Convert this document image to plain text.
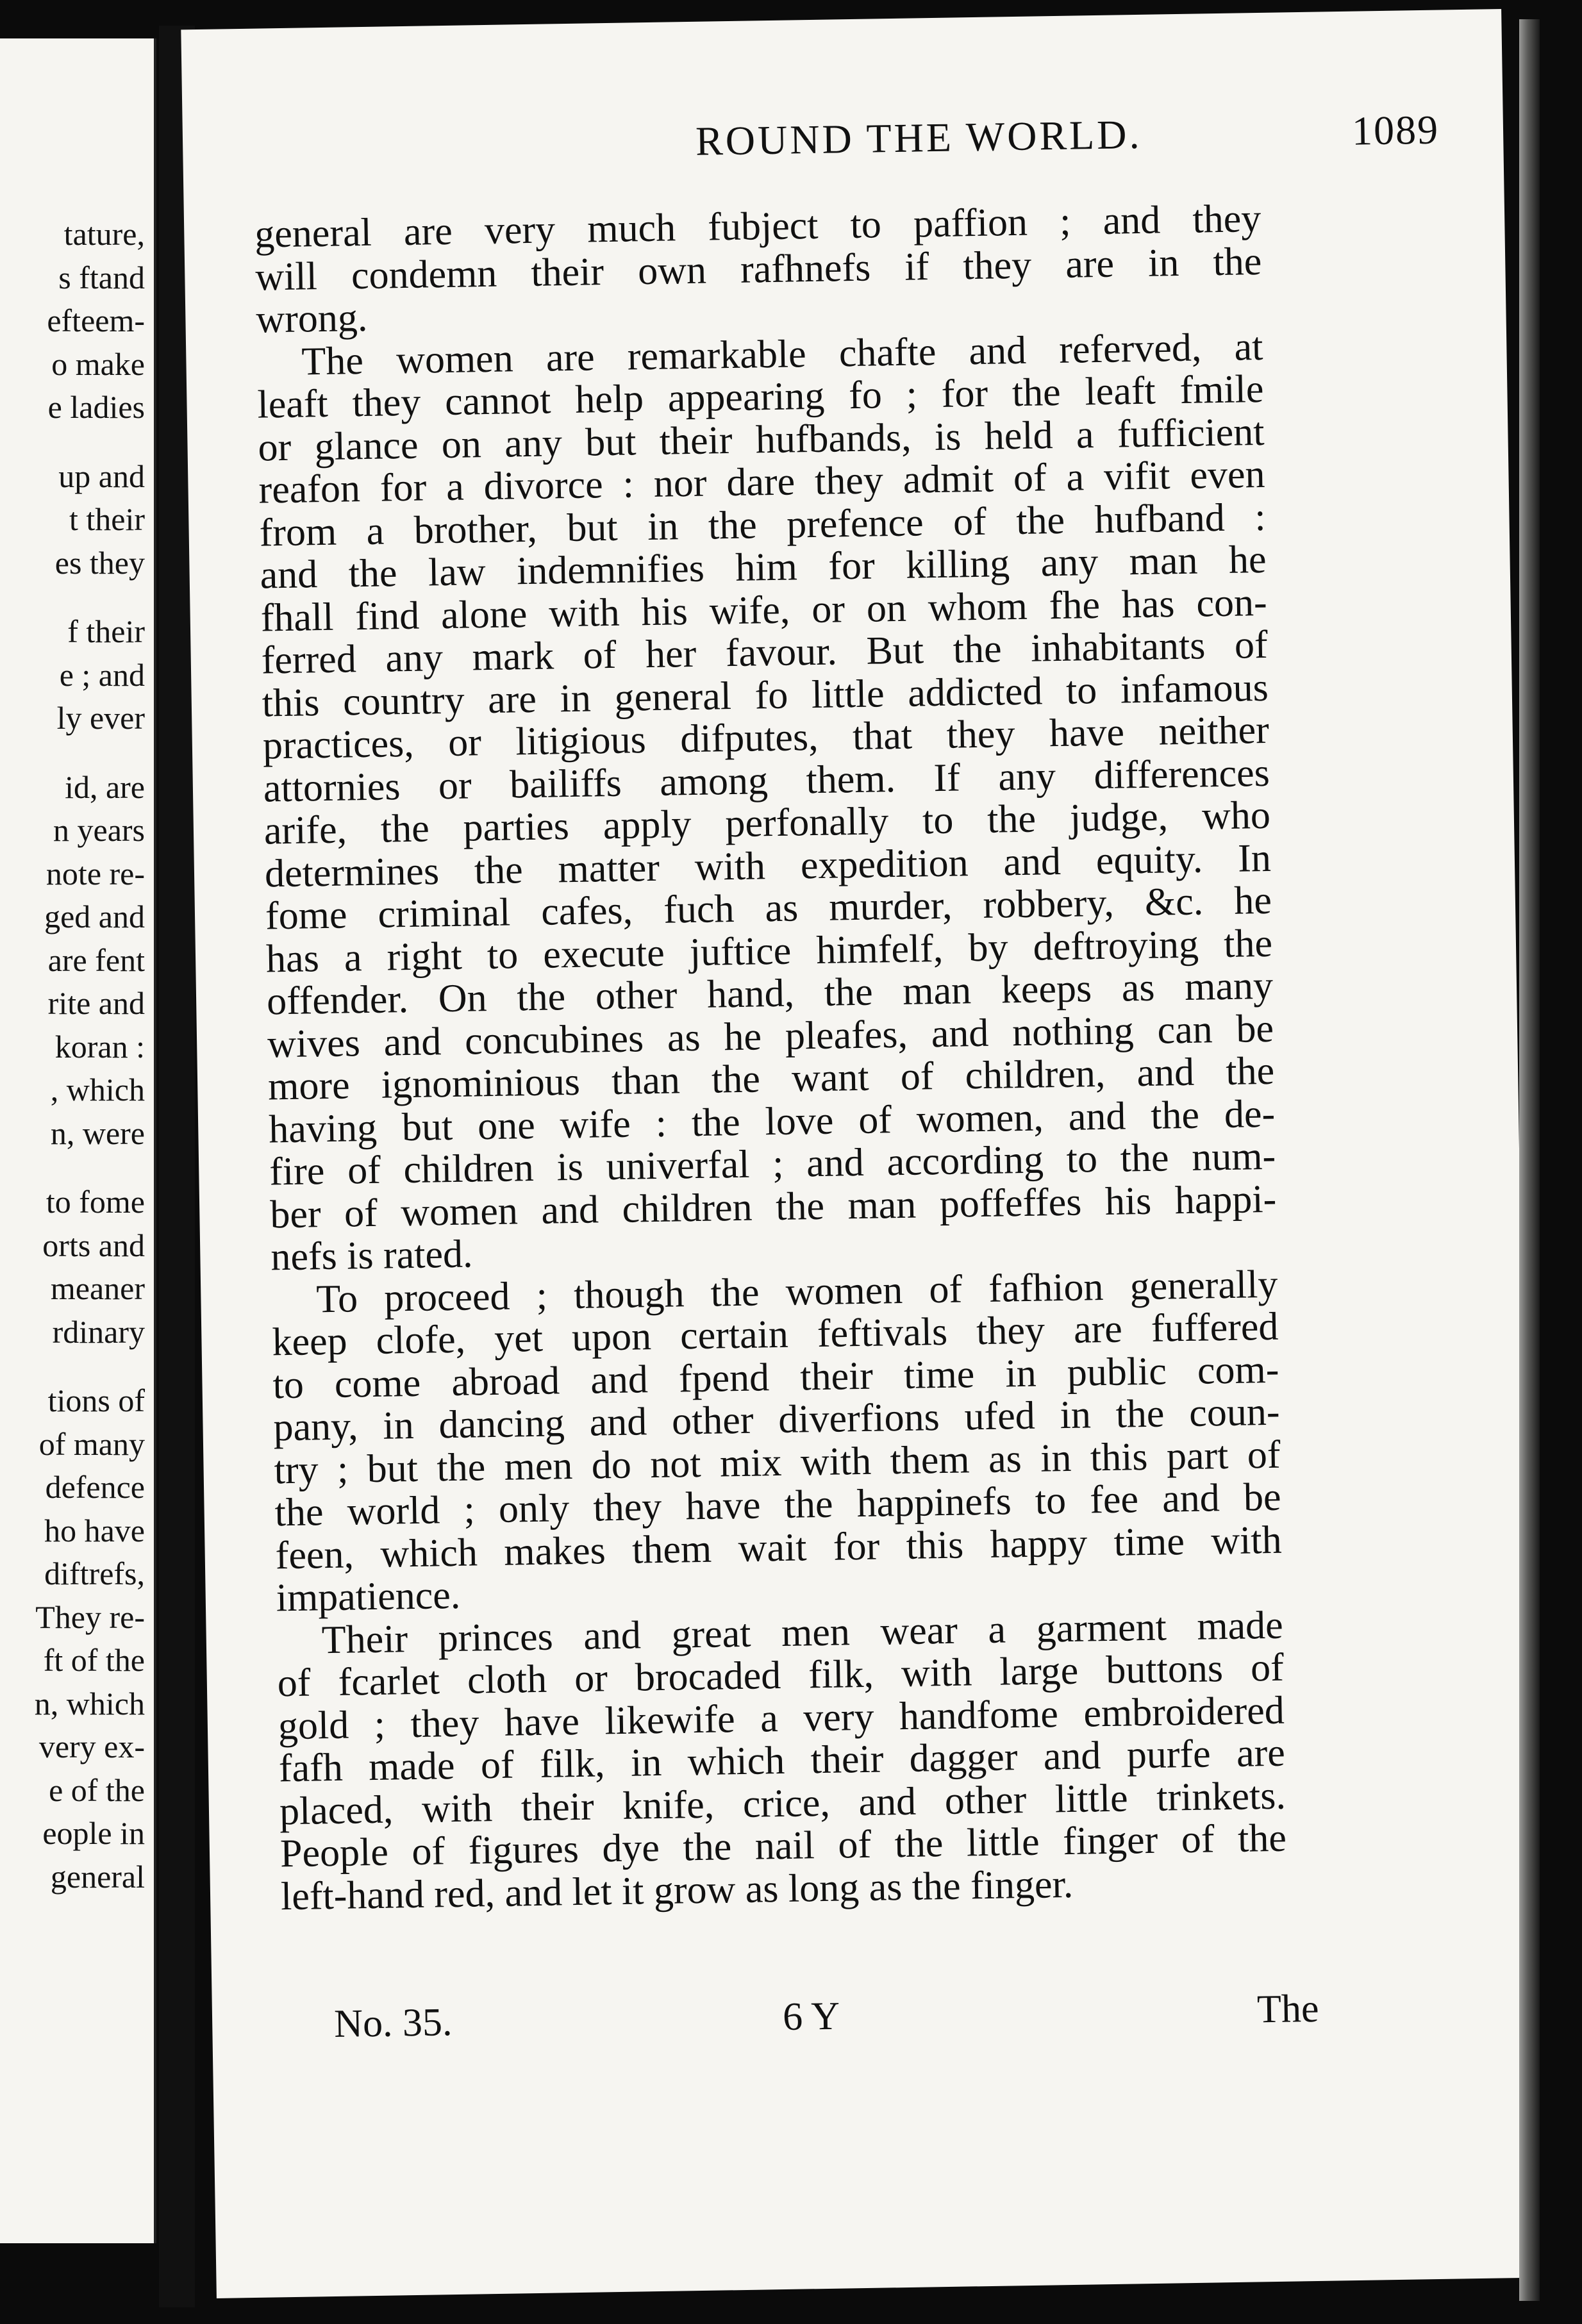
tature,
s ftand
efteem-
o make
e ladies
up and
t their
es they
f their
e ; and
ly ever
id, are
n years
note re-
ged and
are fent
rite and
koran :
, which
n, were
to fome
orts and
meaner
rdinary
tions of
of many
defence
ho have
diftrefs,
They re-
ft of the
n, which
very ex-
e of the
eople in
general
ROUND THE WORLD.	1089
general are very much fubject to paffion ; and they
will condemn their own rafhnefs if they are in the
wrong.
The women are remarkable chafte and referved, at
leaft they cannot help appearing fo ; for the leaft fmile
or glance on any but their hufbands, is held a fufficient
reafon for a divorce : nor dare they admit of a vifit even
from a brother, but in the prefence of the hufband :
and the law indemnifies him for killing any man he
fhall find alone with his wife, or on whom fhe has con-
ferred any mark of her favour. But the inhabitants of
this country are in general fo little addicted to infamous
practices, or litigious difputes, that they have neither
attornies or bailiffs among them. If any differences
arife, the parties apply perfonally to the judge, who
determines the matter with expedition and equity. In
fome criminal cafes, fuch as murder, robbery, &c. he
has a right to execute juftice himfelf, by deftroying the
offender. On the other hand, the man keeps as many
wives and concubines as he pleafes, and nothing can be
more ignominious than the want of children, and the
having but one wife : the love of women, and the de-
fire of children is univerfal ; and according to the num-
ber of women and children the man poffeffes his happi-
nefs is rated.
To proceed ; though the women of fafhion generally
keep clofe, yet upon certain feftivals they are fuffered
to come abroad and fpend their time in public com-
pany, in dancing and other diverfions ufed in the coun-
try ; but the men do not mix with them as in this part of
the world ; only they have the happinefs to fee and be
feen, which makes them wait for this happy time with
impatience.
Their princes and great men wear a garment made
of fcarlet cloth or brocaded filk, with large buttons of
gold ; they have likewife a very handfome embroidered
fafh made of filk, in which their dagger and purfe are
placed, with their knife, crice, and other little trinkets.
People of figures dye the nail of the little finger of the
left-hand red, and let it grow as long as the finger.
No. 35.	6 Y	The
